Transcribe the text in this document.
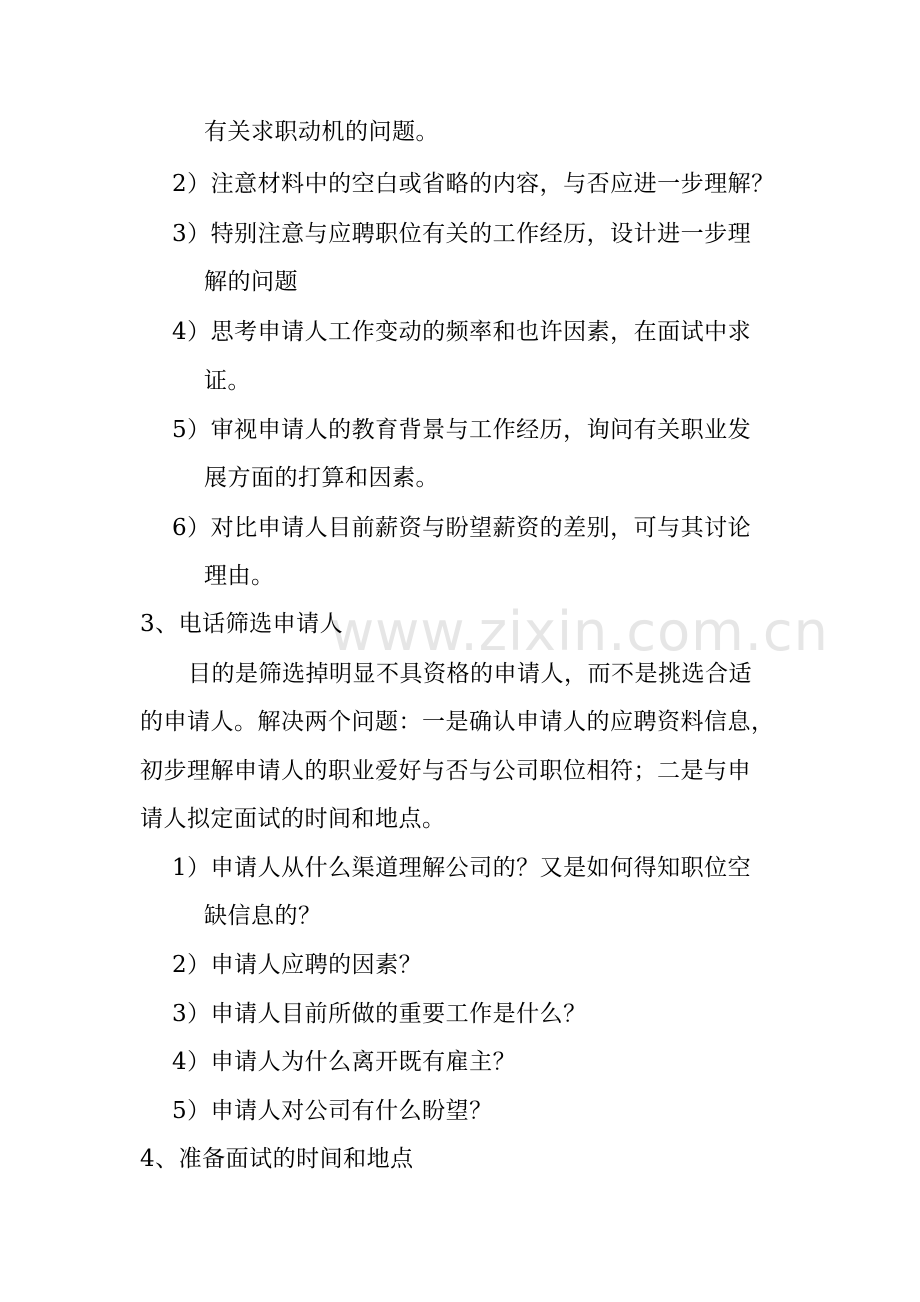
www.zixin.com.cn
有关求职动机的问题。
2）注意材料中的空白或省略的内容，与否应进一步理解？
3）特别注意与应聘职位有关的工作经历，设计进一步理
解的问题
4）思考申请人工作变动的频率和也许因素，在面试中求
证。
5）审视申请人的教育背景与工作经历，询问有关职业发
展方面的打算和因素。
6）对比申请人目前薪资与盼望薪资的差别，可与其讨论
理由。
3、电话筛选申请人
目的是筛选掉明显不具资格的申请人，而不是挑选合适
的申请人。解决两个问题：一是确认申请人的应聘资料信息，
初步理解申请人的职业爱好与否与公司职位相符；二是与申
请人拟定面试的时间和地点。
1）申请人从什么渠道理解公司的？又是如何得知职位空
缺信息的？
2）申请人应聘的因素？
3）申请人目前所做的重要工作是什么？
4）申请人为什么离开既有雇主？
5）申请人对公司有什么盼望？
4、准备面试的时间和地点
